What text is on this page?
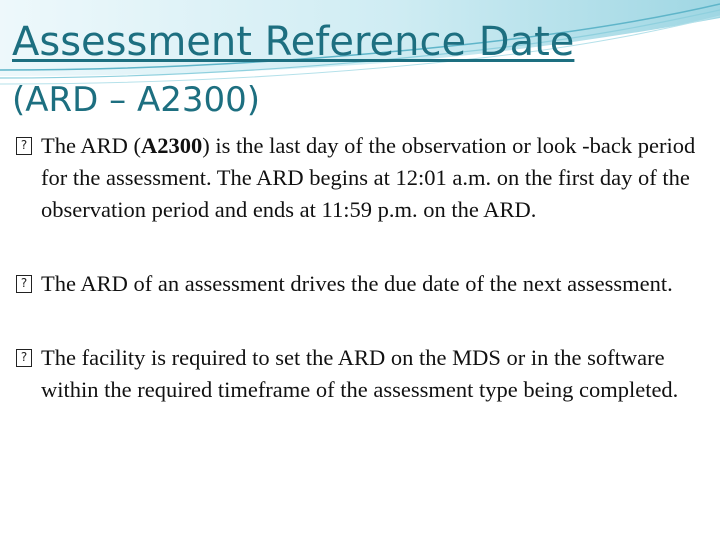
Assessment Reference Date
(ARD – A2300)
?
The ARD (A2300) is the last day of the observation or look -back period for the assessment. The ARD begins at 12:01 a.m. on the first day of the observation period and ends at 11:59 p.m. on the ARD.
?
The ARD of an assessment drives the due date of the next assessment.
?
The facility is required to set the ARD on the MDS or in the software within the required timeframe of the assessment type being completed.
